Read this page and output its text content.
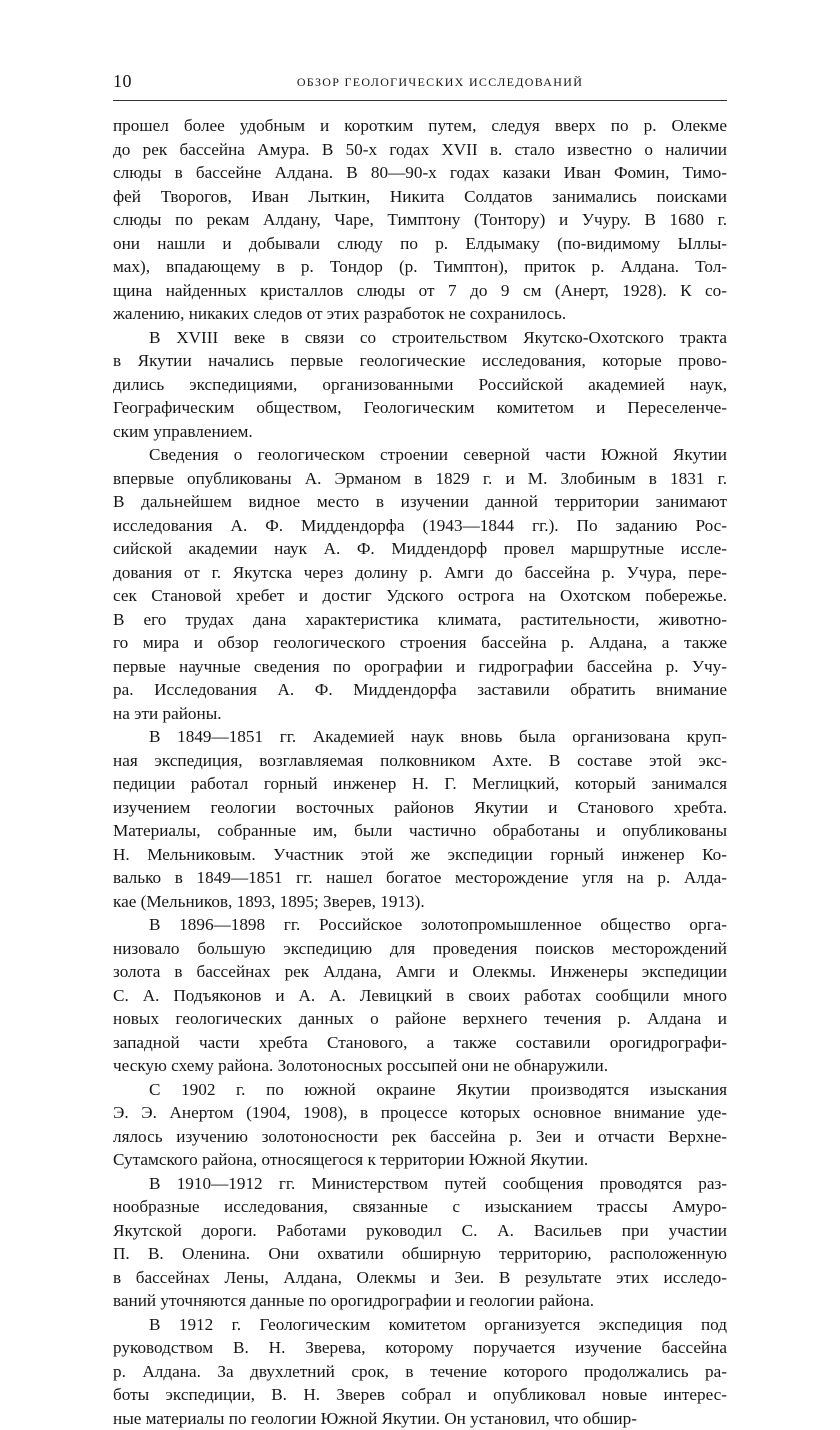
10	ОБЗОР ГЕОЛОГИЧЕСКИХ ИССЛЕДОВАНИЙ
прошел более удобным и коротким путем, следуя вверх по р. Олекме
до рек бассейна Амура. В 50-х годах XVII в. стало известно о наличии
слюды в бассейне Алдана. В 80—90-х годах казаки Иван Фомин, Тимо-
фей Творогов, Иван Лыткин, Никита Солдатов занимались поисками
слюды по рекам Алдану, Чаре, Тимптону (Тонтору) и Учуру. В 1680 г.
они нашли и добывали слюду по р. Елдымаку (по-видимому Ыллы-
мах), впадающему в р. Тондор (р. Тимптон), приток р. Алдана. Тол-
щина найденных кристаллов слюды от 7 до 9 см (Анерт, 1928). К со-
жалению, никаких следов от этих разработок не сохранилось.
В XVIII веке в связи со строительством Якутско-Охотского тракта
в Якутии начались первые геологические исследования, которые прово-
дились экспедициями, организованными Российской академией наук,
Географическим обществом, Геологическим комитетом и Переселенче-
ским управлением.
Сведения о геологическом строении северной части Южной Якутии
впервые опубликованы А. Эрманом в 1829 г. и М. Злобиным в 1831 г.
В дальнейшем видное место в изучении данной территории занимают
исследования А. Ф. Миддендорфа (1943—1844 гг.). По заданию Рос-
сийской академии наук А. Ф. Миддендорф провел маршрутные иссле-
дования от г. Якутска через долину р. Амги до бассейна р. Учура, пере-
сек Становой хребет и достиг Удского острога на Охотском побережье.
В его трудах дана характеристика климата, растительности, животно-
го мира и обзор геологического строения бассейна р. Алдана, а также
первые научные сведения по орографии и гидрографии бассейна р. Учу-
ра. Исследования А. Ф. Миддендорфа заставили обратить внимание
на эти районы.
В 1849—1851 гг. Академией наук вновь была организована круп-
ная экспедиция, возглавляемая полковником Ахте. В составе этой экс-
педиции работал горный инженер Н. Г. Меглицкий, который занимался
изучением геологии восточных районов Якутии и Станового хребта.
Материалы, собранные им, были частично обработаны и опубликованы
Н. Мельниковым. Участник этой же экспедиции горный инженер Ко-
валько в 1849—1851 гг. нашел богатое месторождение угля на р. Алда-
кае (Мельников, 1893, 1895; Зверев, 1913).
В 1896—1898 гг. Российское золотопромышленное общество орга-
низовало большую экспедицию для проведения поисков месторождений
золота в бассейнах рек Алдана, Амги и Олекмы. Инженеры экспедиции
С. А. Подъяконов и А. А. Левицкий в своих работах сообщили много
новых геологических данных о районе верхнего течения р. Алдана и
западной части хребта Станового, а также составили орогидрографи-
ческую схему района. Золотоносных россыпей они не обнаружили.
С 1902 г. по южной окраине Якутии производятся изыскания
Э. Э. Анертом (1904, 1908), в процессе которых основное внимание уде-
лялось изучению золотоносности рек бассейна р. Зеи и отчасти Верхне-
Сутамского района, относящегося к территории Южной Якутии.
В 1910—1912 гг. Министерством путей сообщения проводятся раз-
нообразные исследования, связанные с изысканием трассы Амуро-
Якутской дороги. Работами руководил С. А. Васильев при участии
П. В. Оленина. Они охватили обширную территорию, расположенную
в бассейнах Лены, Алдана, Олекмы и Зеи. В результате этих исследо-
ваний уточняются данные по орогидрографии и геологии района.
В 1912 г. Геологическим комитетом организуется экспедиция под
руководством В. Н. Зверева, которому поручается изучение бассейна
р. Алдана. За двухлетний срок, в течение которого продолжались ра-
боты экспедиции, В. Н. Зверев собрал и опубликовал новые интерес-
ные материалы по геологии Южной Якутии. Он установил, что обшир-
